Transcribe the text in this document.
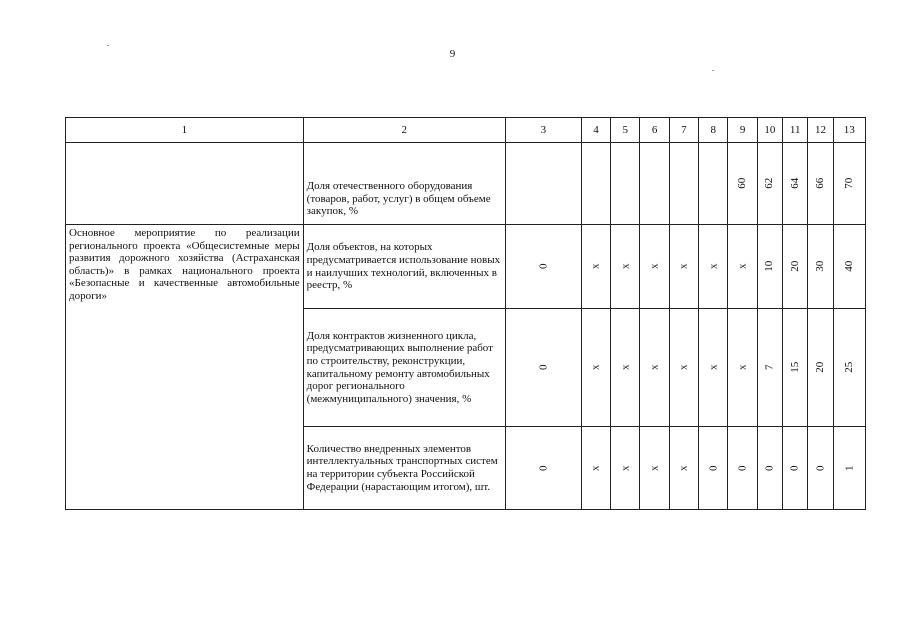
9
1	2	3	4	5	6	7	8	9	10	11	12	13
	Доля отечественного оборудования (товаров, работ, услуг) в общем объеме закупок, %							60	62	64	66	70
Основное мероприятие по реализации регионального проекта «Общесистемные меры развития дорожного хозяйства (Астраханская область)» в рамках национального проекта «Безопасные и качественные автомобильные дороги»	Доля объектов, на которых предусматривается использование новых и наилучших технологий, включенных в реестр, %	0	x	x	x	x	x	x	10	20	30	40
	Доля контрактов жизненного цикла, предусматривающих выполнение работ по строительству, реконструкции, капитальному ремонту автомобильных дорог регионального (межмуниципального) значения, %	0	x	x	x	x	x	x	7	15	20	25
	Количество внедренных элементов интеллектуальных транспортных систем на территории субъекта Российской Федерации (нарастающим итогом), шт.	0	x	x	x	x	0	0	0	0	0	1
